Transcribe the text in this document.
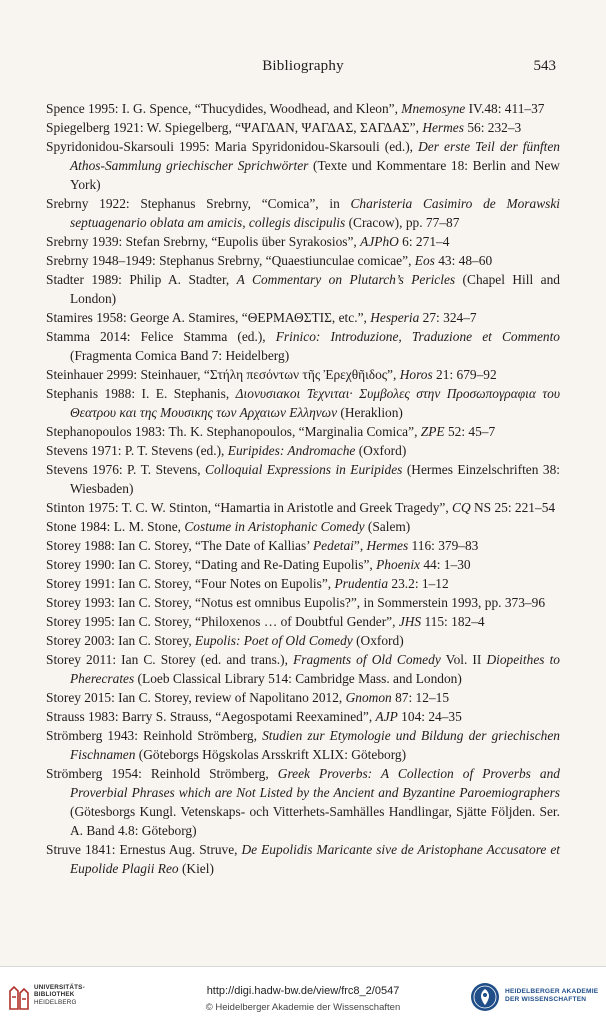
Bibliography	543

Spence 1995: I. G. Spence, “Thucydides, Woodhead, and Kleon”, Mnemosyne IV.48: 411–37

Spiegelberg 1921: W. Spiegelberg, “ΨΑΓΔΑΝ, ΨΑΓΔΑΣ, ΣΑΓΔΑΣ”, Hermes 56: 232–3

Spyridonidou-Skarsouli 1995: Maria Spyridonidou-Skarsouli (ed.), Der erste Teil der fünften Athos-Sammlung griechischer Sprichwörter (Texte und Kommentare 18: Berlin and New York)

Srebrny 1922: Stephanus Srebrny, “Comica”, in Charisteria Casimiro de Morawski septuagenario oblata am amicis, collegis discipulis (Cracow), pp. 77–87

Srebrny 1939: Stefan Srebrny, “Eupolis über Syrakosios”, AJPhO 6: 271–4

Srebrny 1948–1949: Stephanus Srebrny, “Quaestiunculae comicae”, Eos 43: 48–60

Stadter 1989: Philip A. Stadter, A Commentary on Plutarch’s Pericles (Chapel Hill and London)

Stamires 1958: George A. Stamires, “ΘΕΡΜΑΘΣΤΙΣ, etc.”, Hesperia 27: 324–7

Stamma 2014: Felice Stamma (ed.), Frinico: Introduzione, Traduzione et Commento (Fragmenta Comica Band 7: Heidelberg)

Steinhauer 2999: Steinhauer, “Στήλη πεσόντων τῆς Ἐρεχθῆιδος”, Horos 21: 679–92

Stephanis 1988: I. E. Stephanis, Διονυσιακοι Τεχνιται· Συμβολες στην Προσωπογραφια του Θεατρου και της Μουσικης των Αρχαιων Ελληνων (Heraklion)

Stephanopoulos 1983: Th. K. Stephanopoulos, “Marginalia Comica”, ZPE 52: 45–7

Stevens 1971: P. T. Stevens (ed.), Euripides: Andromache (Oxford)

Stevens 1976: P. T. Stevens, Colloquial Expressions in Euripides (Hermes Einzelschriften 38: Wiesbaden)

Stinton 1975: T. C. W. Stinton, “Hamartia in Aristotle and Greek Tragedy”, CQ NS 25: 221–54

Stone 1984: L. M. Stone, Costume in Aristophanic Comedy (Salem)

Storey 1988: Ian C. Storey, “The Date of Kallias’ Pedetai”, Hermes 116: 379–83

Storey 1990: Ian C. Storey, “Dating and Re-Dating Eupolis”, Phoenix 44: 1–30

Storey 1991: Ian C. Storey, “Four Notes on Eupolis”, Prudentia 23.2: 1–12

Storey 1993: Ian C. Storey, “Notus est omnibus Eupolis?”, in Sommerstein 1993, pp. 373–96

Storey 1995: Ian C. Storey, “Philoxenos … of Doubtful Gender”, JHS 115: 182–4

Storey 2003: Ian C. Storey, Eupolis: Poet of Old Comedy (Oxford)

Storey 2011: Ian C. Storey (ed. and trans.), Fragments of Old Comedy Vol. II Diopeithes to Pherecrates (Loeb Classical Library 514: Cambridge Mass. and London)

Storey 2015: Ian C. Storey, review of Napolitano 2012, Gnomon 87: 12–15

Strauss 1983: Barry S. Strauss, “Aegospotami Reexamined”, AJP 104: 24–35

Strömberg 1943: Reinhold Strömberg, Studien zur Etymologie und Bildung der griechischen Fischnamen (Göteborgs Högskolas Arsskrift XLIX: Göteborg)

Strömberg 1954: Reinhold Strömberg, Greek Proverbs: A Collection of Proverbs and Proverbial Phrases which are Not Listed by the Ancient and Byzantine Paroemiographers (Götesborgs Kungl. Vetenskaps- och Vitterhets-Samhälles Handlingar, Sjätte Följden. Ser. A. Band 4.8: Göteborg)

Struve 1841: Ernestus Aug. Struve, De Eupolidis Maricante sive de Aristophane Accusatore et Eupolide Plagii Reo (Kiel)

UNIVERSITÄTS-
BIBLIOTHEK
HEIDELBERG
http://digi.hadw-bw.de/view/frc8_2/0547
© Heidelberger Akademie der Wissenschaften
HEIDELBERGER AKADEMIE
DER WISSENSCHAFTEN
